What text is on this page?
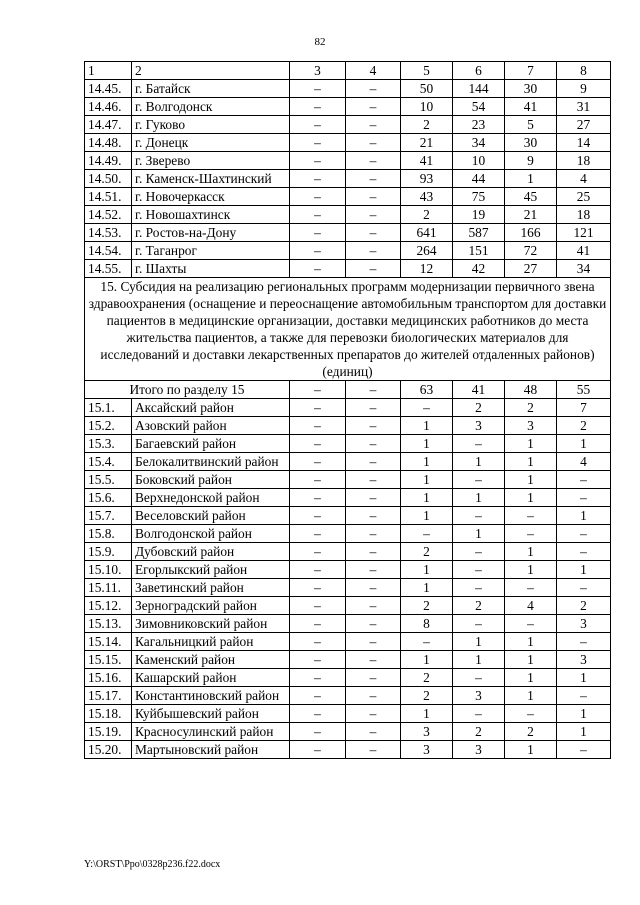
82
1	2	3	4	5	6	7	8
14.45.	г. Батайск	–	–	50	144	30	9
14.46.	г. Волгодонск	–	–	10	54	41	31
14.47.	г. Гуково	–	–	2	23	5	27
14.48.	г. Донецк	–	–	21	34	30	14
14.49.	г. Зверево	–	–	41	10	9	18
14.50.	г. Каменск-Шахтинский	–	–	93	44	1	4
14.51.	г. Новочеркасск	–	–	43	75	45	25
14.52.	г. Новошахтинск	–	–	2	19	21	18
14.53.	г. Ростов-на-Дону	–	–	641	587	166	121
14.54.	г. Таганрог	–	–	264	151	72	41
14.55.	г. Шахты	–	–	12	42	27	34
15. Субсидия на реализацию региональных программ модернизации первичного звена здравоохранения (оснащение и переоснащение автомобильным транспортом для доставки пациентов в медицинские организации, доставки медицинских работников до места жительства пациентов, а также для перевозки биологических материалов для исследований и доставки лекарственных препаратов до жителей отдаленных районов) (единиц)							
Итого по разделу 15		–	–	63	41	48	55
15.1.	Аксайский район	–	–	–	2	2	7
15.2.	Азовский район	–	–	1	3	3	2
15.3.	Багаевский район	–	–	1	–	1	1
15.4.	Белокалитвинский район	–	–	1	1	1	4
15.5.	Боковский район	–	–	1	–	1	–
15.6.	Верхнедонской район	–	–	1	1	1	–
15.7.	Веселовский район	–	–	1	–	–	1
15.8.	Волгодонской район	–	–	–	1	–	–
15.9.	Дубовский район	–	–	2	–	1	–
15.10.	Егорлыкский район	–	–	1	–	1	1
15.11.	Заветинский район	–	–	1	–	–	–
15.12.	Зерноградский район	–	–	2	2	4	2
15.13.	Зимовниковский район	–	–	8	–	–	3
15.14.	Кагальницкий район	–	–	–	1	1	–
15.15.	Каменский район	–	–	1	1	1	3
15.16.	Кашарский район	–	–	2	–	1	1
15.17.	Константиновский район	–	–	2	3	1	–
15.18.	Куйбышевский район	–	–	1	–	–	1
15.19.	Красносулинский район	–	–	3	2	2	1
15.20.	Мартыновский район	–	–	3	3	1	–
Y:\ORST\Ppo\0328p236.f22.docx
